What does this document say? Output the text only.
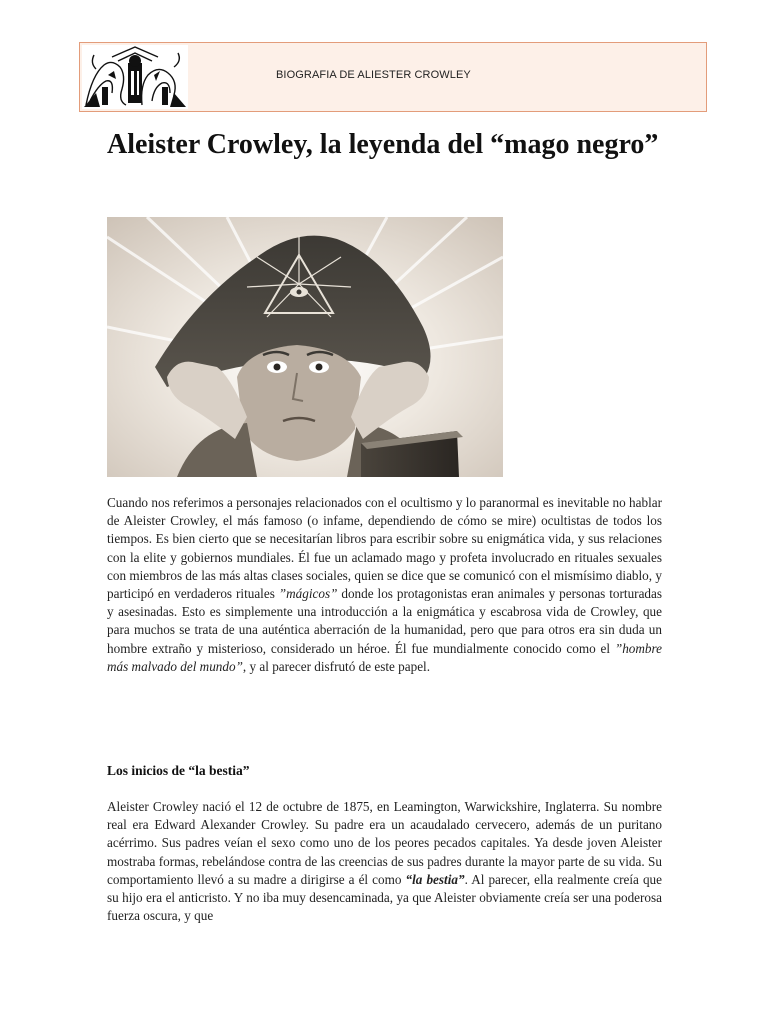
BIOGRAFIA DE ALIESTER CROWLEY
Aleister Crowley, la leyenda del “mago negro”

Cuando nos referimos a personajes relacionados con el ocultismo y lo paranormal es inevitable no hablar de Aleister Crowley, el más famoso (o infame, dependiendo de cómo se mire) ocultistas de todos los tiempos. Es bien cierto que se necesitarían libros para escribir sobre su enigmática vida, y sus relaciones con la elite y gobiernos mundiales. Él fue un aclamado mago y profeta involucrado en rituales sexuales con miembros de las más altas clases sociales, quien se dice que se comunicó con el mismísimo diablo, y participó en verdaderos rituales ”mágicos” donde los protagonistas eran animales y personas torturadas y asesinadas. Esto es simplemente una introducción a la enigmática y escabrosa vida de Crowley, que para muchos se trata de una auténtica aberración de la humanidad, pero que para otros era sin duda un hombre extraño y misterioso, considerado un héroe. Él fue mundialmente conocido como el ”hombre más malvado del mundo”, y al parecer disfrutó de este papel.

Los inicios de “la bestia”

Aleister Crowley nació el 12 de octubre de 1875, en Leamington, Warwickshire, Inglaterra. Su nombre real era Edward Alexander Crowley. Su padre era un acaudalado cervecero, además de un puritano acérrimo. Sus padres veían el sexo como uno de los peores pecados capitales. Ya desde joven Aleister mostraba formas, rebelándose contra de las creencias de sus padres durante la mayor parte de su vida. Su comportamiento llevó a su madre a dirigirse a él como “la bestia”. Al parecer, ella realmente creía que su hijo era el anticristo. Y no iba muy desencaminada, ya que Aleister obviamente creía ser una poderosa fuerza oscura, y que
